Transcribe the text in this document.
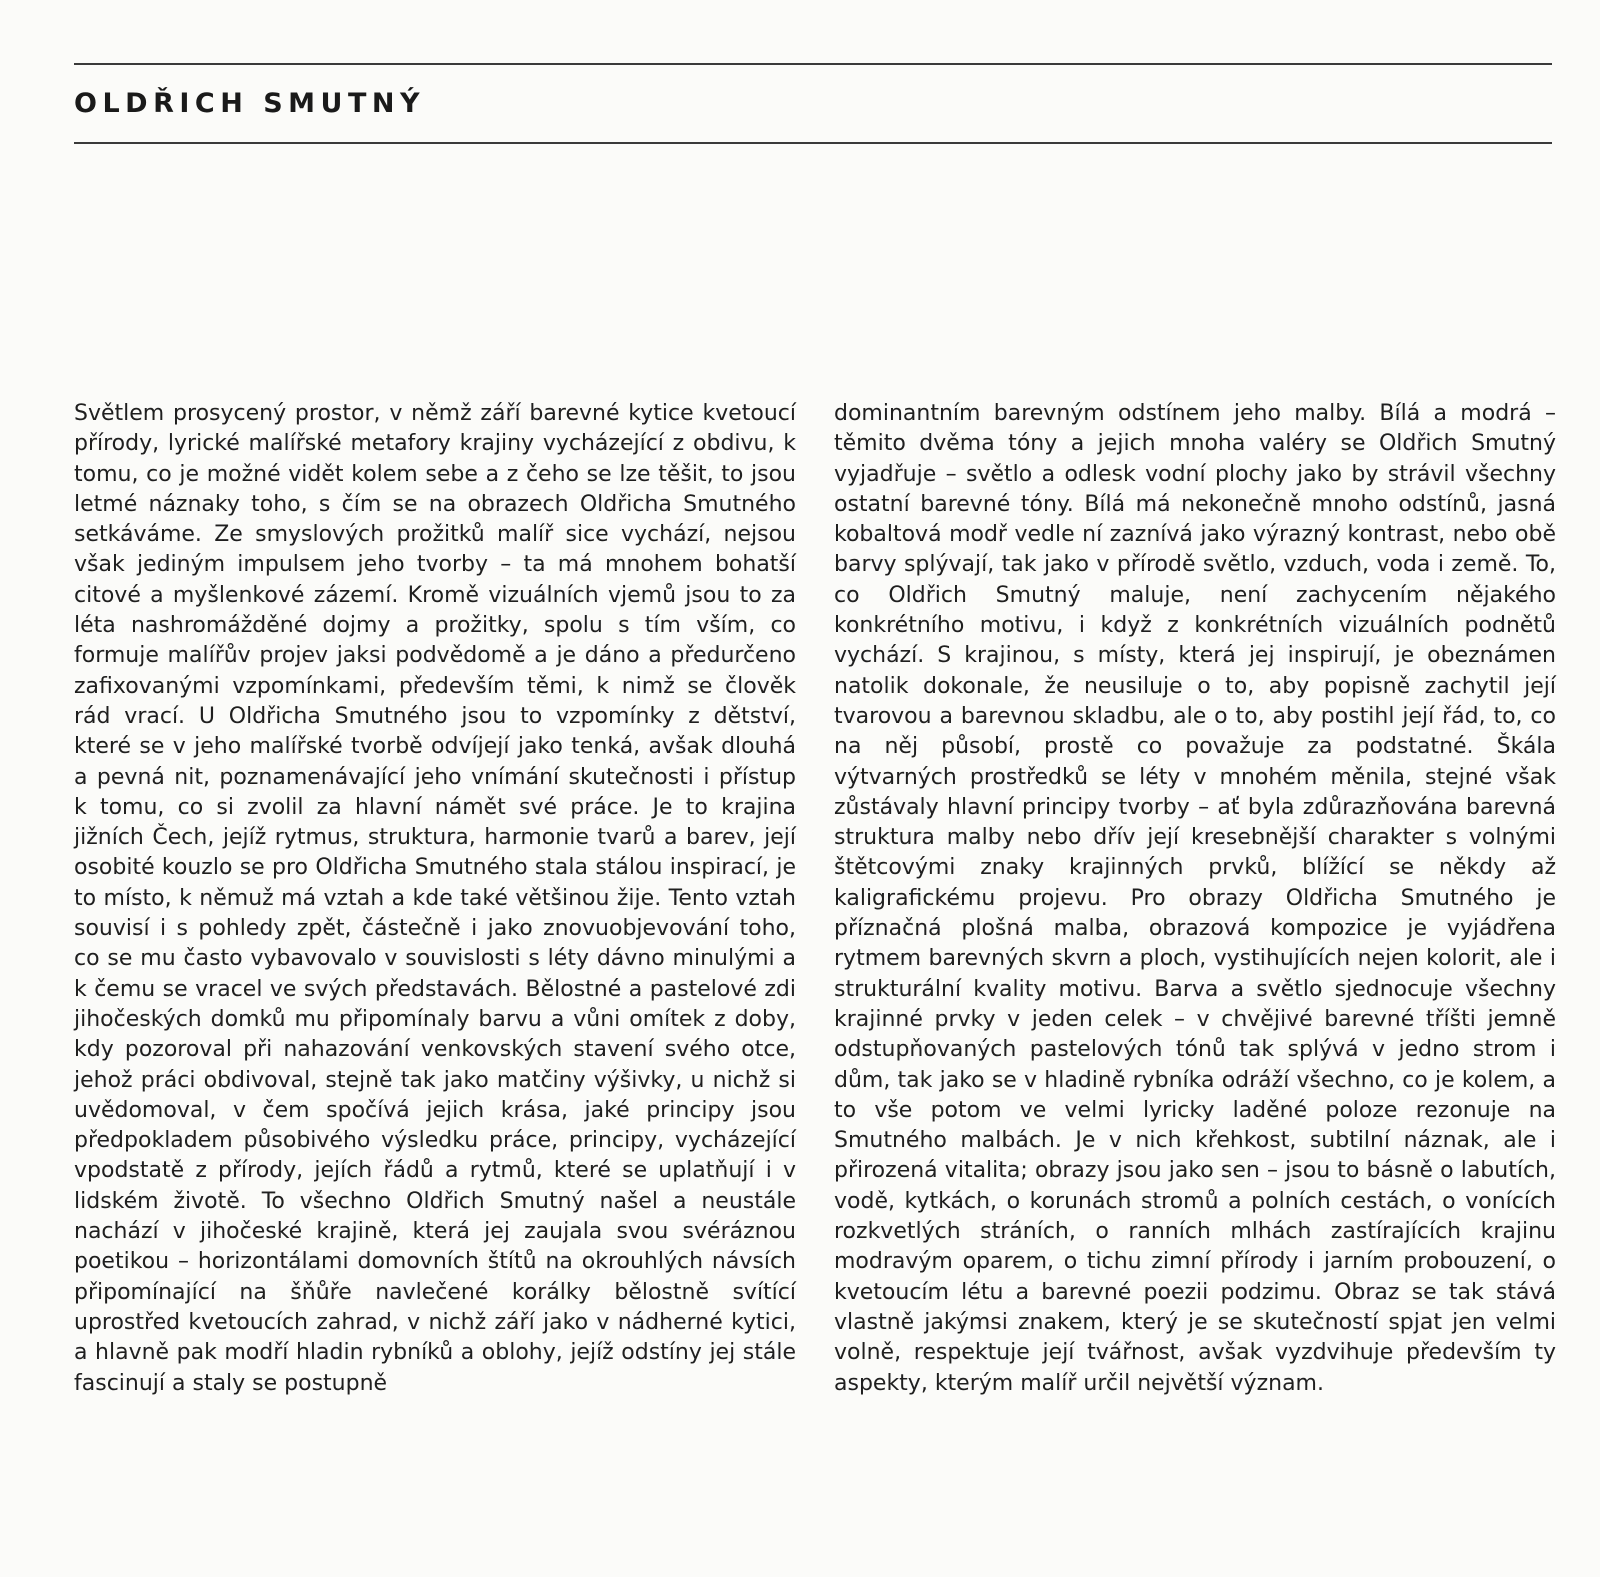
OLDŘICH SMUTNÝ

Světlem prosycený prostor, v němž září barevné kytice kvetoucí přírody, lyrické malířské metafory krajiny vycházející z obdivu, k tomu, co je možné vidět kolem sebe a z čeho se lze těšit, to jsou letmé náznaky toho, s čím se na obrazech Oldřicha Smutného setkáváme. Ze smyslových prožitků malíř sice vychází, nejsou však jediným impulsem jeho tvorby – ta má mnohem bohatší citové a myšlenkové zázemí. Kromě vizuálních vjemů jsou to za léta nashromážděné dojmy a prožitky, spolu s tím vším, co formuje malířův projev jaksi podvědomě a je dáno a předurčeno zafixovanými vzpomínkami, především těmi, k nimž se člověk rád vrací. U Oldřicha Smutného jsou to vzpomínky z dětství, které se v jeho malířské tvorbě odvíjejí jako tenká, avšak dlouhá a pevná nit, poznamenávající jeho vnímání skutečnosti i přístup k tomu, co si zvolil za hlavní námět své práce. Je to krajina jižních Čech, jejíž rytmus, struktura, harmonie tvarů a barev, její osobité kouzlo se pro Oldřicha Smutného stala stálou inspirací, je to místo, k němuž má vztah a kde také většinou žije. Tento vztah souvisí i s pohledy zpět, částečně i jako znovuobjevování toho, co se mu často vybavovalo v souvislosti s léty dávno minulými a k čemu se vracel ve svých představách. Bělostné a pastelové zdi jihočeských domků mu připomínaly barvu a vůni omítek z doby, kdy pozoroval při nahazování venkovských stavení svého otce, jehož práci obdivoval, stejně tak jako matčiny výšivky, u nichž si uvědomoval, v čem spočívá jejich krása, jaké principy jsou předpokladem působivého výsledku práce, principy, vycházející vpodstatě z přírody, jejích řádů a rytmů, které se uplatňují i v lidském životě. To všechno Oldřich Smutný našel a neustále nachází v jihočeské krajině, která jej zaujala svou svéráznou poetikou – horizontálami domovních štítů na okrouhlých návsích připomínající na šňůře navlečené korálky bělostně svítící uprostřed kvetoucích zahrad, v nichž září jako v nádherné kytici, a hlavně pak modří hladin rybníků a oblohy, jejíž odstíny jej stále fascinují a staly se postupně

dominantním barevným odstínem jeho malby. Bílá a modrá – těmito dvěma tóny a jejich mnoha valéry se Oldřich Smutný vyjadřuje – světlo a odlesk vodní plochy jako by strávil všechny ostatní barevné tóny. Bílá má nekonečně mnoho odstínů, jasná kobaltová modř vedle ní zaznívá jako výrazný kontrast, nebo obě barvy splývají, tak jako v přírodě světlo, vzduch, voda i země. To, co Oldřich Smutný maluje, není zachycením nějakého konkrétního motivu, i když z konkrétních vizuálních podnětů vychází. S krajinou, s místy, která jej inspirují, je obeznámen natolik dokonale, že neusiluje o to, aby popisně zachytil její tvarovou a barevnou skladbu, ale o to, aby postihl její řád, to, co na něj působí, prostě co považuje za podstatné. Škála výtvarných prostředků se léty v mnohém měnila, stejné však zůstávaly hlavní principy tvorby – ať byla zdůrazňována barevná struktura malby nebo dřív její kresebnější charakter s volnými štětcovými znaky krajinných prvků, blížící se někdy až kaligrafickému projevu. Pro obrazy Oldřicha Smutného je příznačná plošná malba, obrazová kompozice je vyjádřena rytmem barevných skvrn a ploch, vystihujících nejen kolorit, ale i strukturální kvality motivu. Barva a světlo sjednocuje všechny krajinné prvky v jeden celek – v chvějivé barevné tříšti jemně odstupňovaných pastelových tónů tak splývá v jedno strom i dům, tak jako se v hladině rybníka odráží všechno, co je kolem, a to vše potom ve velmi lyricky laděné poloze rezonuje na Smutného malbách. Je v nich křehkost, subtilní náznak, ale i přirozená vitalita; obrazy jsou jako sen – jsou to básně o labutích, vodě, kytkách, o korunách stromů a polních cestách, o vonících rozkvetlých stráních, o ranních mlhách zastírajících krajinu modravým oparem, o tichu zimní přírody i jarním probouzení, o kvetoucím létu a barevné poezii podzimu. Obraz se tak stává vlastně jakýmsi znakem, který je se skutečností spjat jen velmi volně, respektuje její tvářnost, avšak vyzdvihuje především ty aspekty, kterým malíř určil největší význam.
